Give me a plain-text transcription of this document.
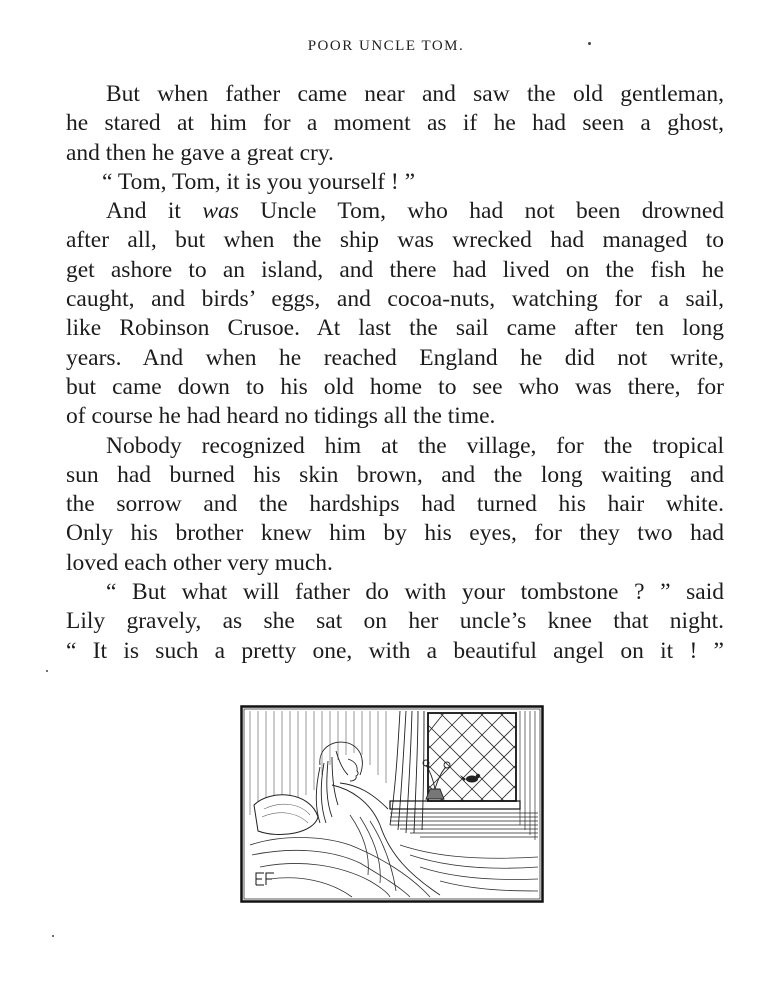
POOR UNCLE TOM.
But when father came near and saw the old gentleman,
he stared at him for a moment as if he had seen a ghost,
and then he gave a great cry.
“ Tom, Tom, it is you yourself ! ”
And it was Uncle Tom, who had not been drowned
after all, but when the ship was wrecked had managed to
get ashore to an island, and there had lived on the fish he
caught, and birds’ eggs, and cocoa-nuts, watching for a sail,
like Robinson Crusoe. At last the sail came after ten long
years. And when he reached England he did not write,
but came down to his old home to see who was there, for
of course he had heard no tidings all the time.
Nobody recognized him at the village, for the tropical
sun had burned his skin brown, and the long waiting and
the sorrow and the hardships had turned his hair white.
Only his brother knew him by his eyes, for they two had
loved each other very much.
“ But what will father do with your tombstone ? ” said
Lily gravely, as she sat on her uncle’s knee that night.
“ It is such a pretty one, with a beautiful angel on it ! ”
